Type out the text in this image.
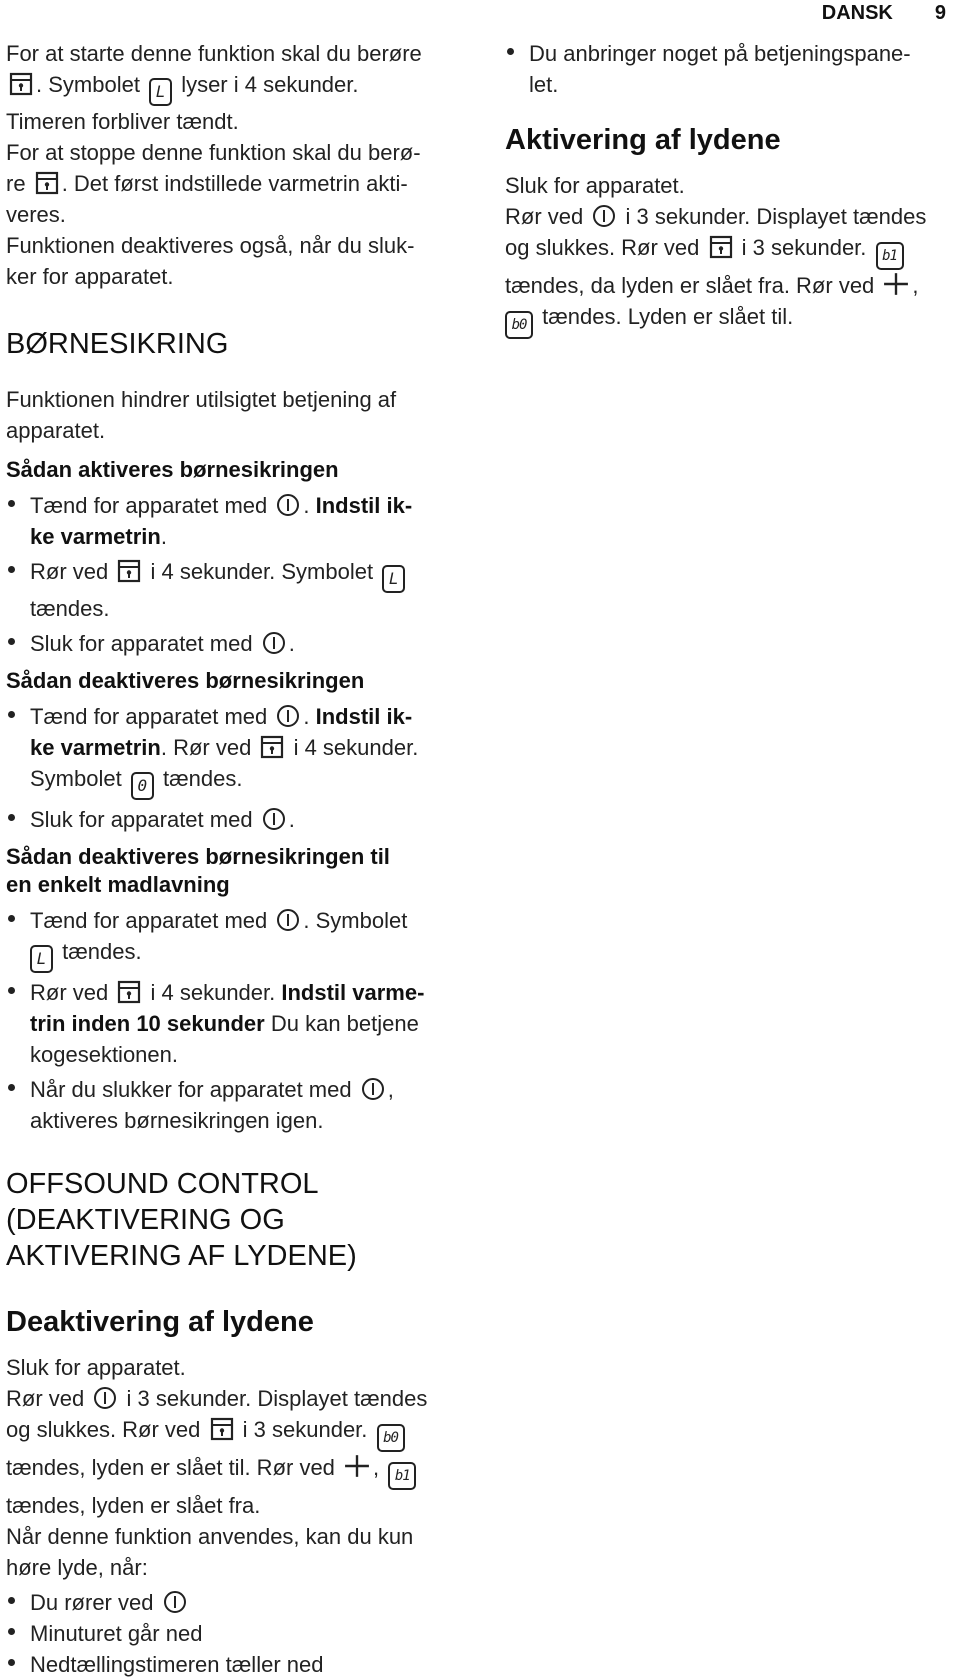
DANSK 9

For at starte denne funktion skal du berøre
. Symbolet L lyser i 4 sekunder.

Timeren forbliver tændt.

For at stoppe denne funktion skal du berø-
re . Det først indstillede varmetrin akti-
veres.

Funktionen deaktiveres også, når du sluk-
ker for apparatet.

BØRNESIKRING

Funktionen hindrer utilsigtet betjening af
apparatet.

Sådan aktiveres børnesikringen
Tænd for apparatet med . Indstil ik-
ke varmetrin.
Rør ved i 4 sekunder. Symbolet L
tændes.
Sluk for apparatet med .
Sådan deaktiveres børnesikringen
Tænd for apparatet med . Indstil ik-
ke varmetrin. Rør ved i 4 sekunder.
Symbolet 0 tændes.
Sluk for apparatet med .
Sådan deaktiveres børnesikringen til
en enkelt madlavning
Tænd for apparatet med . Symbolet
L tændes.
Rør ved i 4 sekunder. Indstil varme-
trin inden 10 sekunder Du kan betjene
kogesektionen.
Når du slukker for apparatet med ,
aktiveres børnesikringen igen.
OFFSOUND CONTROL
(DEAKTIVERING OG
AKTIVERING AF LYDENE)
Deaktivering af lydene

Sluk for apparatet.

Rør ved i 3 sekunder. Displayet tændes
og slukkes. Rør ved i 3 sekunder. b0
tændes, lyden er slået til. Rør ved , b1
tændes, lyden er slået fra.

Når denne funktion anvendes, kan du kun
høre lyde, når:

Du rører ved
Minuturet går ned
Nedtællingstimeren tæller ned
Du anbringer noget på betjeningspane-
let.
Aktivering af lydene

Sluk for apparatet.

Rør ved i 3 sekunder. Displayet tændes
og slukkes. Rør ved i 3 sekunder. b1
tændes, da lyden er slået fra. Rør ved ,
b0 tændes. Lyden er slået til.
